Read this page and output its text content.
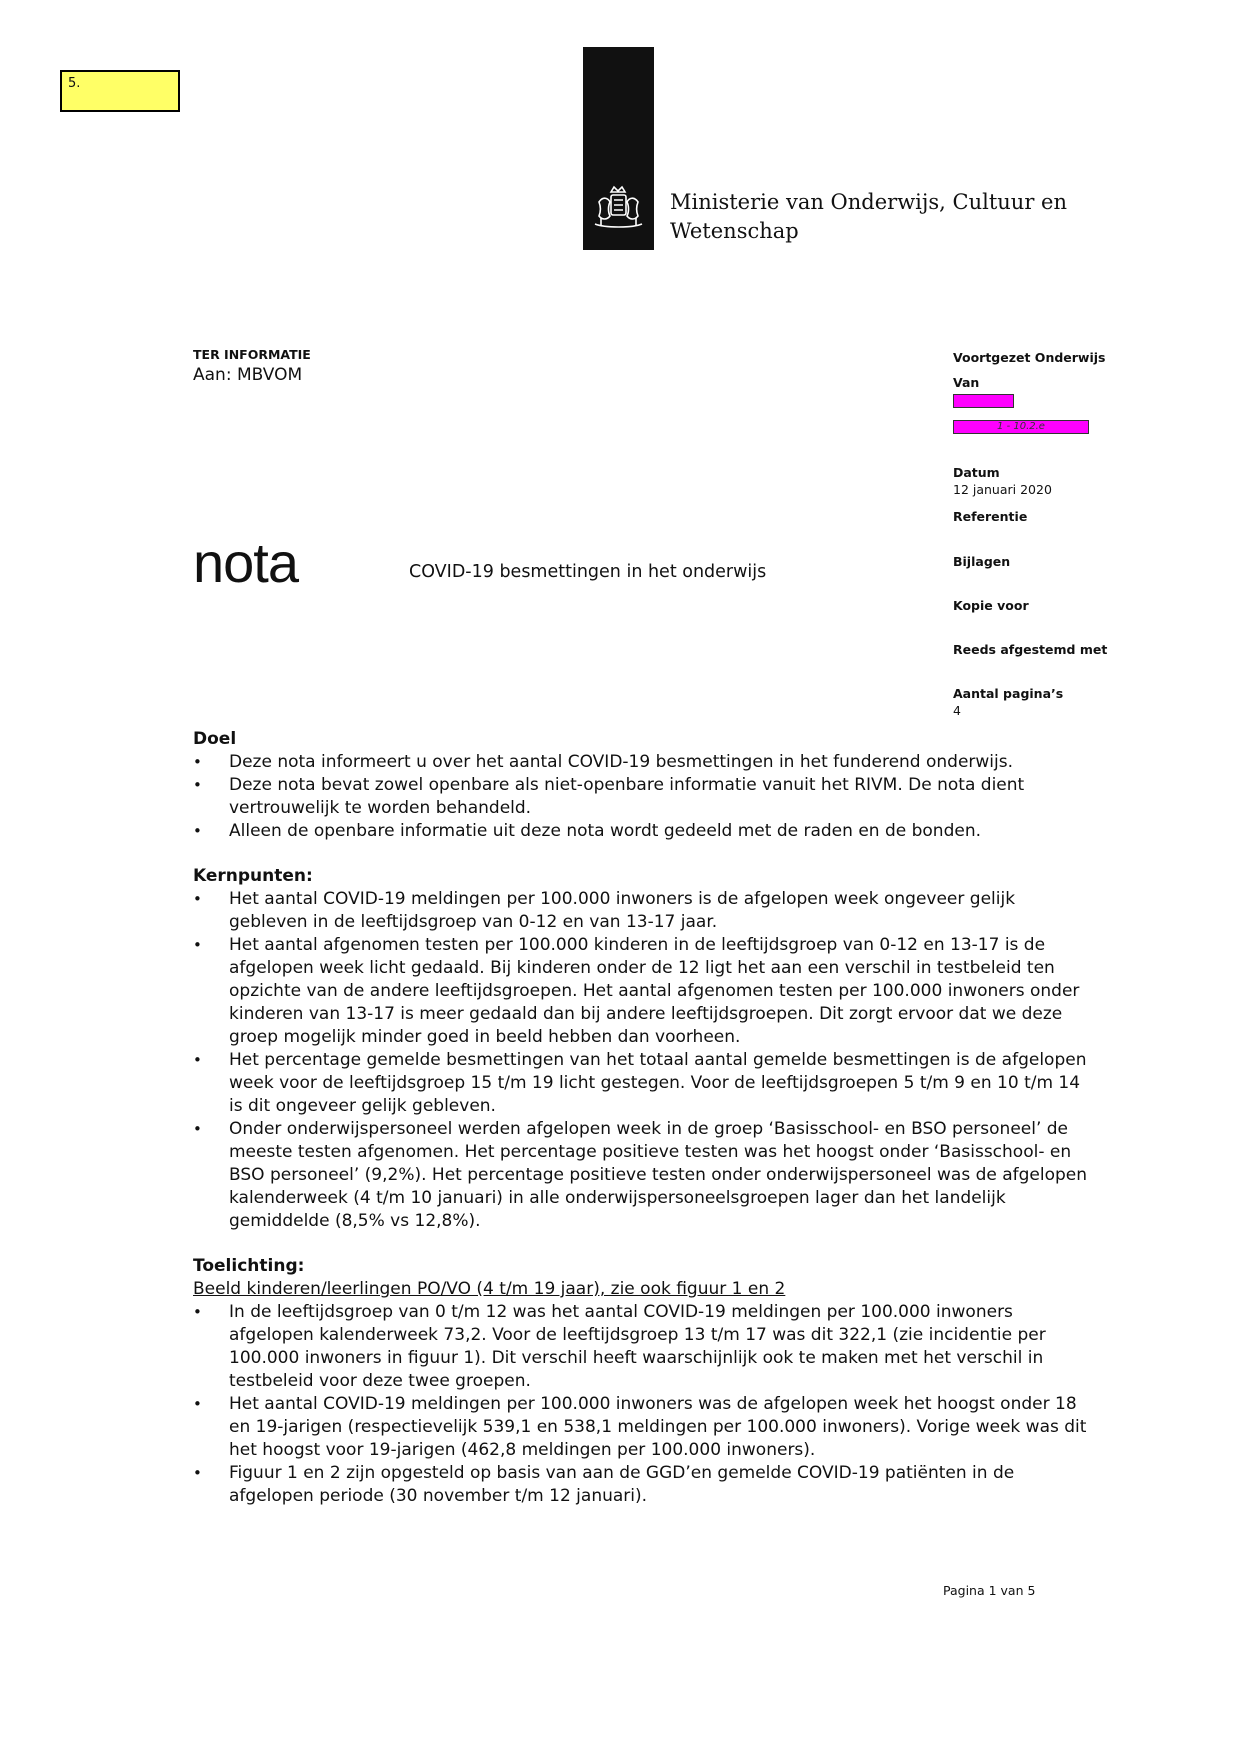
5.
Ministerie van Onderwijs, Cultuur en
Wetenschap
TER INFORMATIE
Aan: MBVOM
nota	COVID-19 besmettingen in het onderwijs
Voortgezet Onderwijs
Van
1 - 10.2.e
Datum
12 januari 2020
Referentie
Bijlagen
Kopie voor
Reeds afgestemd met
Aantal pagina’s
4
Doel
• Deze nota informeert u over het aantal COVID-19 besmettingen in het funderend onderwijs.
• Deze nota bevat zowel openbare als niet-openbare informatie vanuit het RIVM. De nota dient vertrouwelijk te worden behandeld.
• Alleen de openbare informatie uit deze nota wordt gedeeld met de raden en de bonden.
Kernpunten:
• Het aantal COVID-19 meldingen per 100.000 inwoners is de afgelopen week ongeveer gelijk gebleven in de leeftijdsgroep van 0-12 en van 13-17 jaar.
• Het aantal afgenomen testen per 100.000 kinderen in de leeftijdsgroep van 0-12 en 13-17 is de afgelopen week licht gedaald. Bij kinderen onder de 12 ligt het aan een verschil in testbeleid ten opzichte van de andere leeftijdsgroepen. Het aantal afgenomen testen per 100.000 inwoners onder kinderen van 13-17 is meer gedaald dan bij andere leeftijdsgroepen. Dit zorgt ervoor dat we deze groep mogelijk minder goed in beeld hebben dan voorheen.
• Het percentage gemelde besmettingen van het totaal aantal gemelde besmettingen is de afgelopen week voor de leeftijdsgroep 15 t/m 19 licht gestegen. Voor de leeftijdsgroepen 5 t/m 9 en 10 t/m 14 is dit ongeveer gelijk gebleven.
• Onder onderwijspersoneel werden afgelopen week in de groep ‘Basisschool- en BSO personeel’ de meeste testen afgenomen. Het percentage positieve testen was het hoogst onder ‘Basisschool- en BSO personeel’ (9,2%). Het percentage positieve testen onder onderwijspersoneel was de afgelopen kalenderweek (4 t/m 10 januari) in alle onderwijspersoneelsgroepen lager dan het landelijk gemiddelde (8,5% vs 12,8%).
Toelichting:
Beeld kinderen/leerlingen PO/VO (4 t/m 19 jaar), zie ook figuur 1 en 2
• In de leeftijdsgroep van 0 t/m 12 was het aantal COVID-19 meldingen per 100.000 inwoners afgelopen kalenderweek 73,2. Voor de leeftijdsgroep 13 t/m 17 was dit 322,1 (zie incidentie per 100.000 inwoners in figuur 1). Dit verschil heeft waarschijnlijk ook te maken met het verschil in testbeleid voor deze twee groepen.
• Het aantal COVID-19 meldingen per 100.000 inwoners was de afgelopen week het hoogst onder 18 en 19-jarigen (respectievelijk 539,1 en 538,1 meldingen per 100.000 inwoners). Vorige week was dit het hoogst voor 19-jarigen (462,8 meldingen per 100.000 inwoners).
• Figuur 1 en 2 zijn opgesteld op basis van aan de GGD’en gemelde COVID-19 patiënten in de afgelopen periode (30 november t/m 12 januari).
Pagina 1 van 5
